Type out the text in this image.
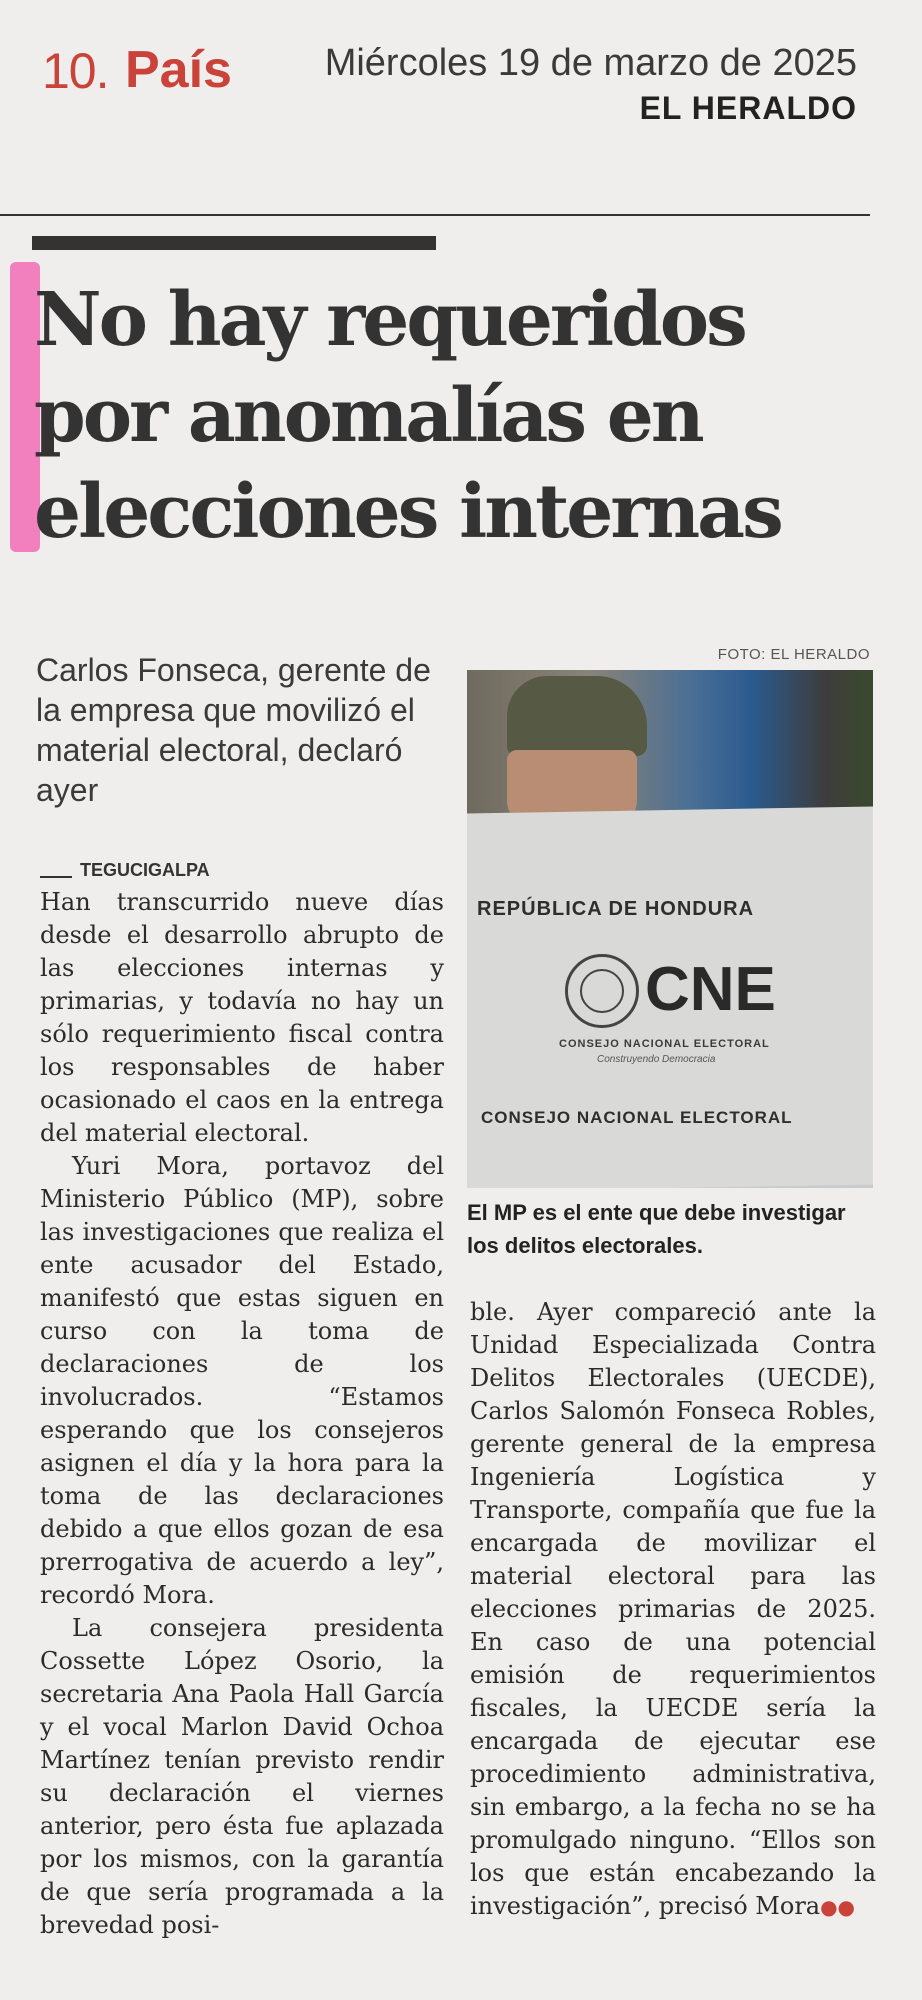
10. País Miércoles 19 de marzo de 2025
EL HERALDO
No hay requeridos por anomalías en elecciones internas
Carlos Fonseca, gerente de la empresa que movilizó el material electoral, declaró ayer
FOTO: EL HERALDO
REPÚBLICA DE HONDURA
CNE
CONSEJO NACIONAL ELECTORAL
Construyendo Democracia
CONSEJO NACIONAL ELECTORAL
El MP es el ente que debe investigar los delitos electorales.
TEGUCIGALPA

Han transcurrido nueve días desde el desarrollo abrupto de las elecciones internas y primarias, y todavía no hay un sólo requerimiento fiscal contra los responsables de haber ocasionado el caos en la entrega del material electoral.

Yuri Mora, portavoz del Ministerio Público (MP), sobre las investigaciones que realiza el ente acusador del Estado, manifestó que estas siguen en curso con la toma de declaraciones de los involucrados. “Estamos esperando que los consejeros asignen el día y la hora para la toma de las declaraciones debido a que ellos gozan de esa prerrogativa de acuerdo a ley”, recordó Mora.

La consejera presidenta Cossette López Osorio, la secretaria Ana Paola Hall García y el vocal Marlon David Ochoa Martínez tenían previsto rendir su declaración el viernes anterior, pero ésta fue aplazada por los mismos, con la garantía de que sería programada a la brevedad posi-

ble. Ayer compareció ante la Unidad Especializada Contra Delitos Electorales (UECDE), Carlos Salomón Fonseca Robles, gerente general de la empresa Ingeniería Logística y Transporte, compañía que fue la encargada de movilizar el material electoral para las elecciones primarias de 2025. En caso de una potencial emisión de requerimientos fiscales, la UECDE sería la encargada de ejecutar ese procedimiento administrativa, sin embargo, a la fecha no se ha promulgado ninguno. “Ellos son los que están encabezando la investigación”, precisó Mora●●
